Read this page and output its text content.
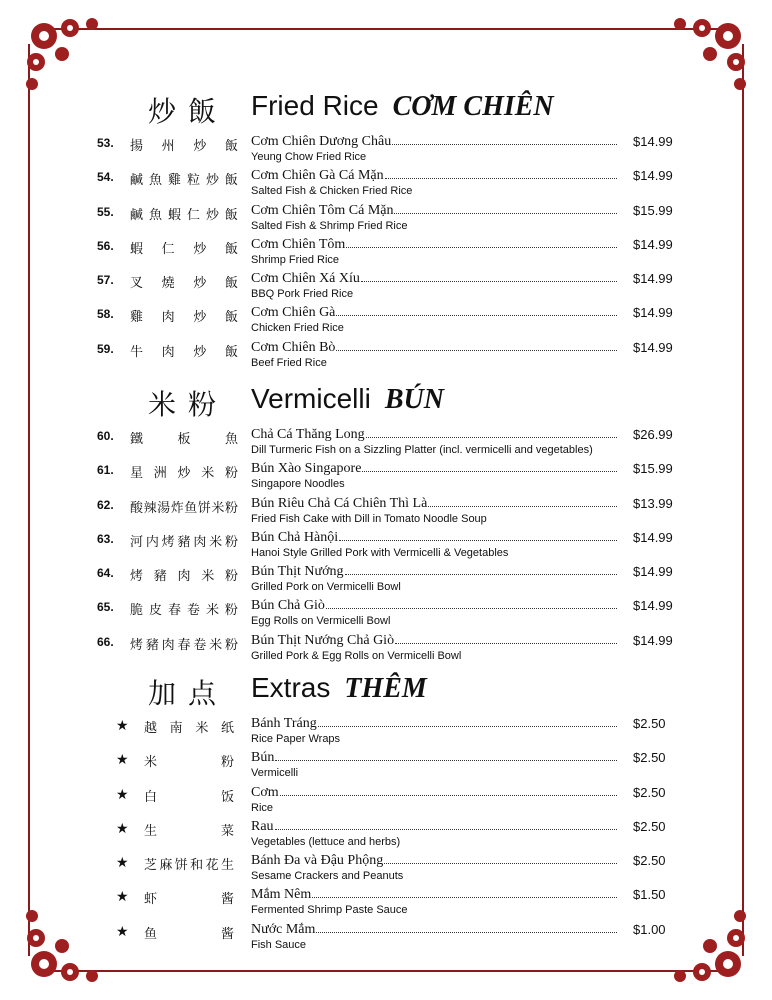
炒飯 Fried Rice CƠM CHIÊN
53. 揚 州 炒 飯 Cơm Chiên Dương Châu
Yeung Chow Fried Rice
$14.99
54. 鹹 魚 雞 粒 炒 飯 Cơm Chiên Gà Cá Mặn
Salted Fish & Chicken Fried Rice
$14.99
55. 鹹 魚 蝦 仁 炒 飯 Cơm Chiên Tôm Cá Mặn
Salted Fish & Shrimp Fried Rice
$15.99
56. 蝦 仁 炒 飯 Cơm Chiên Tôm
Shrimp Fried Rice
$14.99
57. 叉 燒 炒 飯 Cơm Chiên Xá Xíu
BBQ Pork Fried Rice
$14.99
58. 雞 肉 炒 飯 Cơm Chiên Gà
Chicken Fried Rice
$14.99
59. 牛 肉 炒 飯 Cơm Chiên Bò
Beef Fried Rice
$14.99
米粉 Vermicelli BÚN
60. 鐵	板	魚 Chả Cá Thăng Long
Dill Turmeric Fish on a Sizzling Platter (incl. vermicelli and vegetables)
$26.99
61. 星 洲 炒 米 粉 Bún Xào Singapore
Singapore Noodles
$15.99
62. 酸 辣 湯 炸 鱼 饼 米 粉 Bún Riêu Chả Cá Chiên Thì Là
Fried Fish Cake with Dill in Tomato Noodle Soup
$13.99
63. 河 内 烤 豬 肉 米 粉 Bún Chả Hànội
Hanoi Style Grilled Pork with Vermicelli & Vegetables
$14.99
64. 烤 豬 肉 米 粉 Bún Thịt Nướng
Grilled Pork on Vermicelli Bowl
$14.99
65. 脆 皮 春 卷 米 粉 Bún Chả Giò
Egg Rolls on Vermicelli Bowl
$14.99
66. 烤 豬 肉 春 卷 米 粉 Bún Thịt Nướng Chả Giò
Grilled Pork & Egg Rolls on Vermicelli Bowl
$14.99
加点 Extras THÊM
★ 越 南 米 纸 Bánh Tráng
Rice Paper Wraps
$2.50
★ 米	粉 Bún
Vermicelli
$2.50
★ 白	饭 Cơm
Rice
$2.50
★ 生	菜 Rau
Vegetables (lettuce and herbs)
$2.50
★ 芝 麻 饼 和 花 生 Bánh Đa và Đậu Phộng
Sesame Crackers and Peanuts
$2.50
★ 虾	酱 Mắm Nêm
Fermented Shrimp Paste Sauce
$1.50
★ 鱼	酱 Nước Mắm
Fish Sauce
$1.00
